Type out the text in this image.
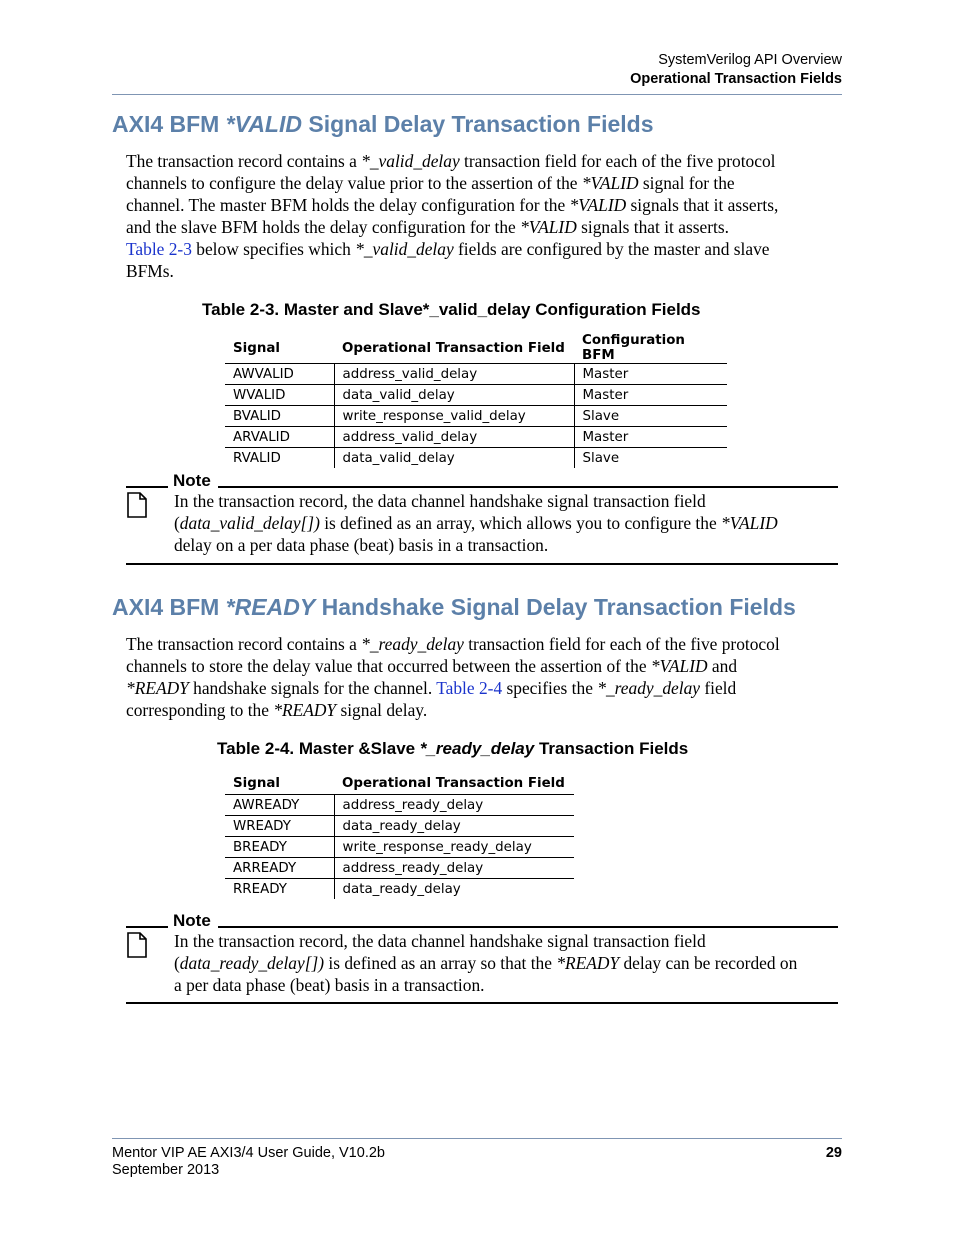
SystemVerilog API Overview
Operational Transaction Fields
AXI4 BFM *VALID Signal Delay Transaction Fields
The transaction record contains a *_valid_delay transaction field for each of the five protocol
channels to configure the delay value prior to the assertion of the *VALID signal for the
channel. The master BFM holds the delay configuration for the *VALID signals that it asserts,
and the slave BFM holds the delay configuration for the *VALID signals that it asserts.
Table 2-3 below specifies which *_valid_delay fields are configured by the master and slave
BFMs.
Table 2-3. Master and Slave*_valid_delay Configuration Fields
Signal	Operational Transaction Field	Configuration BFM
AWVALID	address_valid_delay	Master
WVALID	data_valid_delay	Master
BVALID	write_response_valid_delay	Slave
ARVALID	address_valid_delay	Master
RVALID	data_valid_delay	Slave
Note
In the transaction record, the data channel handshake signal transaction field
(data_valid_delay[]) is defined as an array, which allows you to configure the *VALID
delay on a per data phase (beat) basis in a transaction.
AXI4 BFM *READY Handshake Signal Delay Transaction Fields
The transaction record contains a *_ready_delay transaction field for each of the five protocol
channels to store the delay value that occurred between the assertion of the *VALID and
*READY handshake signals for the channel. Table 2-4 specifies the *_ready_delay field
corresponding to the *READY signal delay.
Table 2-4. Master &Slave *_ready_delay Transaction Fields
Signal	Operational Transaction Field
AWREADY	address_ready_delay
WREADY	data_ready_delay
BREADY	write_response_ready_delay
ARREADY	address_ready_delay
RREADY	data_ready_delay
Note
In the transaction record, the data channel handshake signal transaction field
(data_ready_delay[]) is defined as an array so that the *READY delay can be recorded on
a per data phase (beat) basis in a transaction.
Mentor VIP AE AXI3/4 User Guide, V10.2b
September 2013
29
